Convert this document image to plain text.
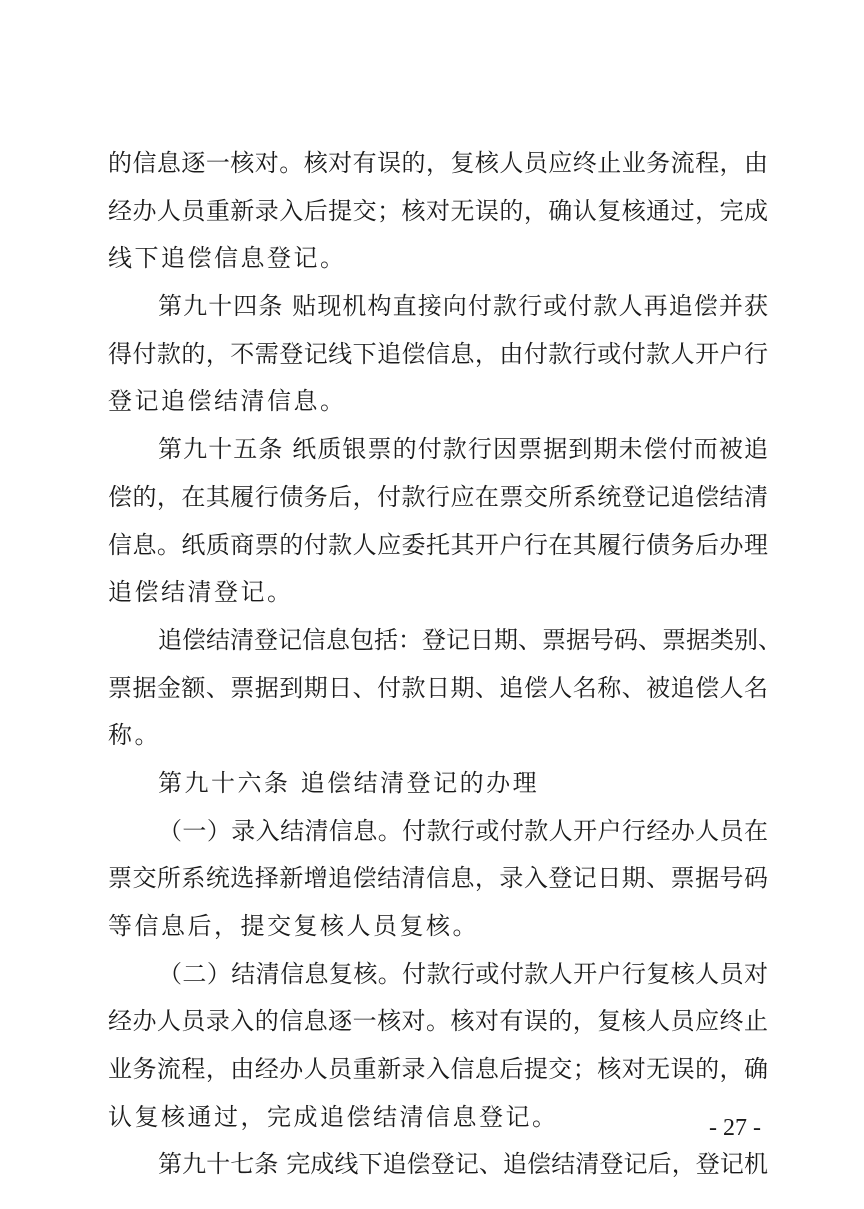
的信息逐一核对。核对有误的，复核人员应终止业务流程，由
经办人员重新录入后提交；核对无误的，确认复核通过，完成
线下追偿信息登记。
第九十四条 贴现机构直接向付款行或付款人再追偿并获
得付款的，不需登记线下追偿信息，由付款行或付款人开户行
登记追偿结清信息。
第九十五条 纸质银票的付款行因票据到期未偿付而被追
偿的，在其履行债务后，付款行应在票交所系统登记追偿结清
信息。纸质商票的付款人应委托其开户行在其履行债务后办理
追偿结清登记。
追偿结清登记信息包括：登记日期、票据号码、票据类别、
票据金额、票据到期日、付款日期、追偿人名称、被追偿人名
称。
第九十六条 追偿结清登记的办理
（一）录入结清信息。付款行或付款人开户行经办人员在
票交所系统选择新增追偿结清信息，录入登记日期、票据号码
等信息后，提交复核人员复核。
（二）结清信息复核。付款行或付款人开户行复核人员对
经办人员录入的信息逐一核对。核对有误的，复核人员应终止
业务流程，由经办人员重新录入信息后提交；核对无误的，确
认复核通过，完成追偿结清信息登记。
第九十七条 完成线下追偿登记、追偿结清登记后，登记机
- 27 -
